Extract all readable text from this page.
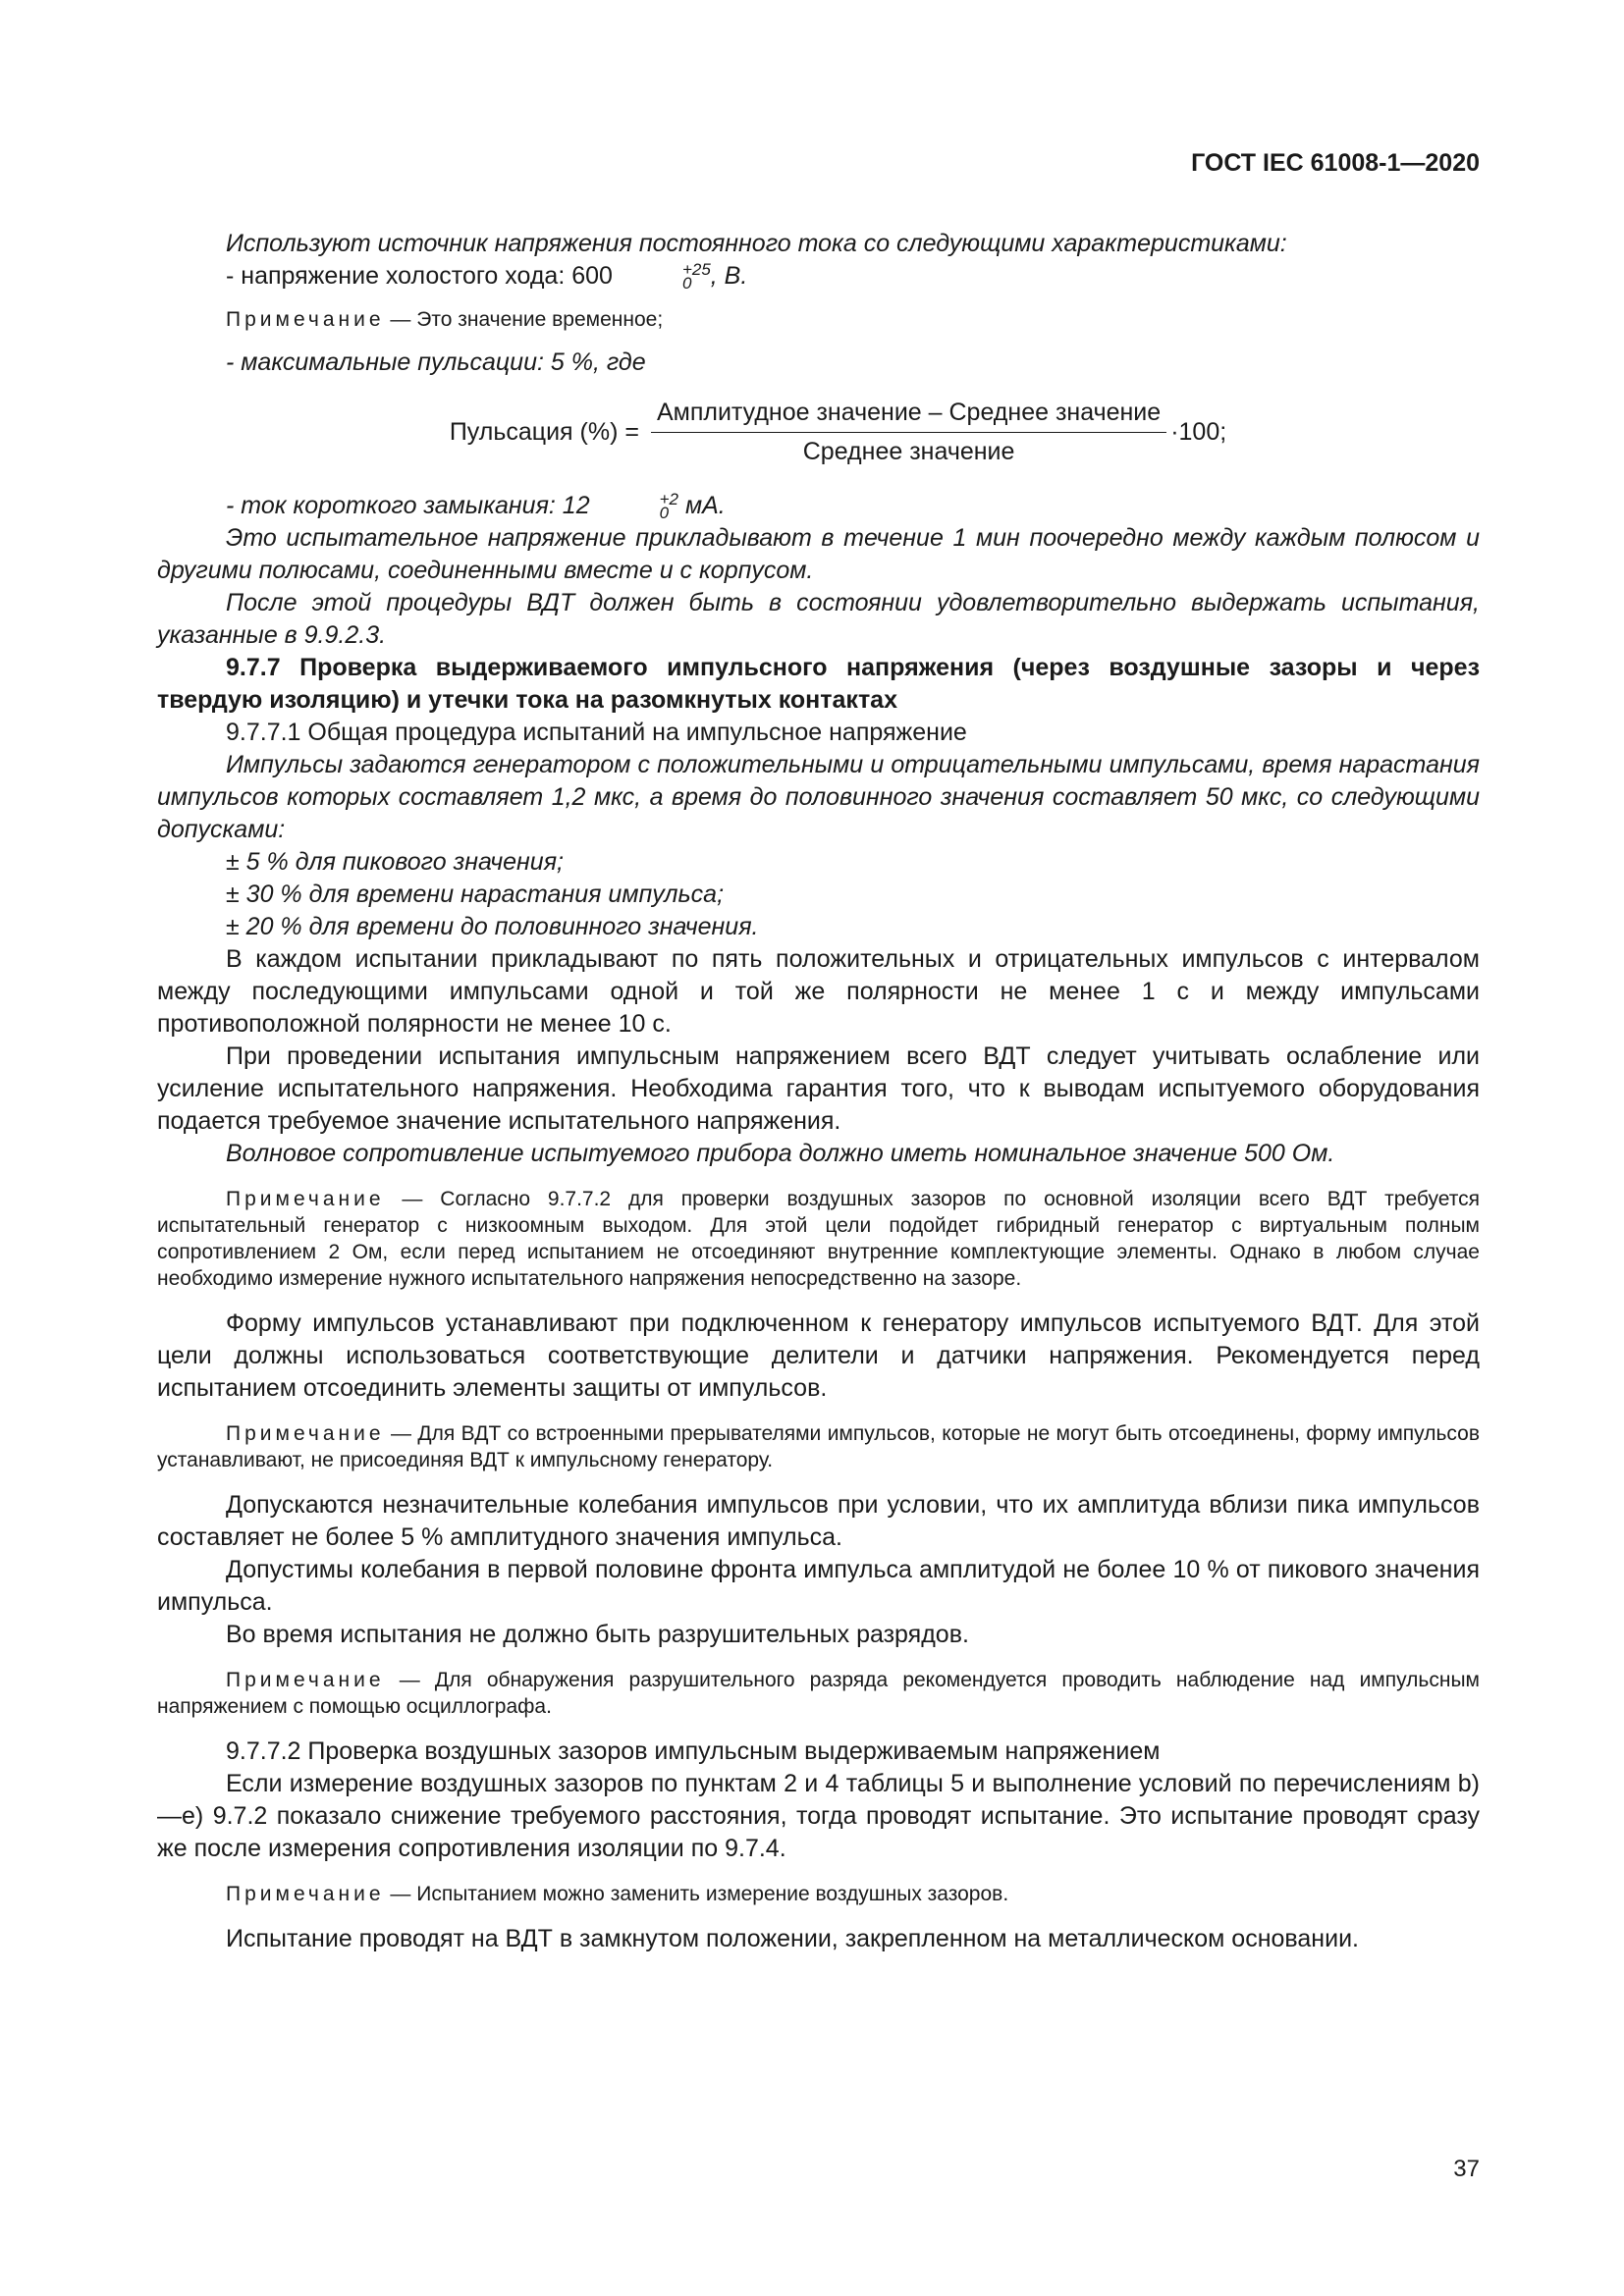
ГОСТ IEC 61008-1—2020

Используют источник напряжения постоянного тока со следующими характеристиками:

- напряжение холостого хода: 600	+25
0 , В.

Примечание — Это значение временное;

- максимальные пульсации: 5 %, где

Пульсация (%) = $\frac{\text{Амплитудное значение – Среднее значение}}{\text{Среднее значение}} \cdot 100$;

- ток короткого замыкания: 12	+2
0 мА.

Это испытательное напряжение прикладывают в течение 1 мин поочередно между каждым полюсом и другими полюсами, соединенными вместе и с корпусом.

После этой процедуры ВДТ должен быть в состоянии удовлетворительно выдержать испытания, указанные в 9.9.2.3.

9.7.7 Проверка выдерживаемого импульсного напряжения (через воздушные зазоры и через твердую изоляцию) и утечки тока на разомкнутых контактах

9.7.7.1 Общая процедура испытаний на импульсное напряжение

Импульсы задаются генератором с положительными и отрицательными импульсами, время нарастания импульсов которых составляет 1,2 мкс, а время до половинного значения составляет 50 мкс, со следующими допусками:

± 5 % для пикового значения;

± 30 % для времени нарастания импульса;

± 20 % для времени до половинного значения.

В каждом испытании прикладывают по пять положительных и отрицательных импульсов с интервалом между последующими импульсами одной и той же полярности не менее 1 с и между импульсами противоположной полярности не менее 10 с.

При проведении испытания импульсным напряжением всего ВДТ следует учитывать ослабление или усиление испытательного напряжения. Необходима гарантия того, что к выводам испытуемого оборудования подается требуемое значение испытательного напряжения.

Волновое сопротивление испытуемого прибора должно иметь номинальное значение 500 Ом.

Примечание — Согласно 9.7.7.2 для проверки воздушных зазоров по основной изоляции всего ВДТ требуется испытательный генератор с низкоомным выходом. Для этой цели подойдет гибридный генератор с виртуальным полным сопротивлением 2 Ом, если перед испытанием не отсоединяют внутренние комплектующие элементы. Однако в любом случае необходимо измерение нужного испытательного напряжения непосредственно на зазоре.

Форму импульсов устанавливают при подключенном к генератору импульсов испытуемого ВДТ. Для этой цели должны использоваться соответствующие делители и датчики напряжения. Рекомендуется перед испытанием отсоединить элементы защиты от импульсов.

Примечание — Для ВДТ со встроенными прерывателями импульсов, которые не могут быть отсоединены, форму импульсов устанавливают, не присоединяя ВДТ к импульсному генератору.

Допускаются незначительные колебания импульсов при условии, что их амплитуда вблизи пика импульсов составляет не более 5 % амплитудного значения импульса.

Допустимы колебания в первой половине фронта импульса амплитудой не более 10 % от пикового значения импульса.

Во время испытания не должно быть разрушительных разрядов.

Примечание — Для обнаружения разрушительного разряда рекомендуется проводить наблюдение над импульсным напряжением с помощью осциллографа.

9.7.7.2 Проверка воздушных зазоров импульсным выдерживаемым напряжением

Если измерение воздушных зазоров по пунктам 2 и 4 таблицы 5 и выполнение условий по перечислениям b)—e) 9.7.2 показало снижение требуемого расстояния, тогда проводят испытание. Это испытание проводят сразу же после измерения сопротивления изоляции по 9.7.4.

Примечание — Испытанием можно заменить измерение воздушных зазоров.

Испытание проводят на ВДТ в замкнутом положении, закрепленном на металлическом основании.

37
